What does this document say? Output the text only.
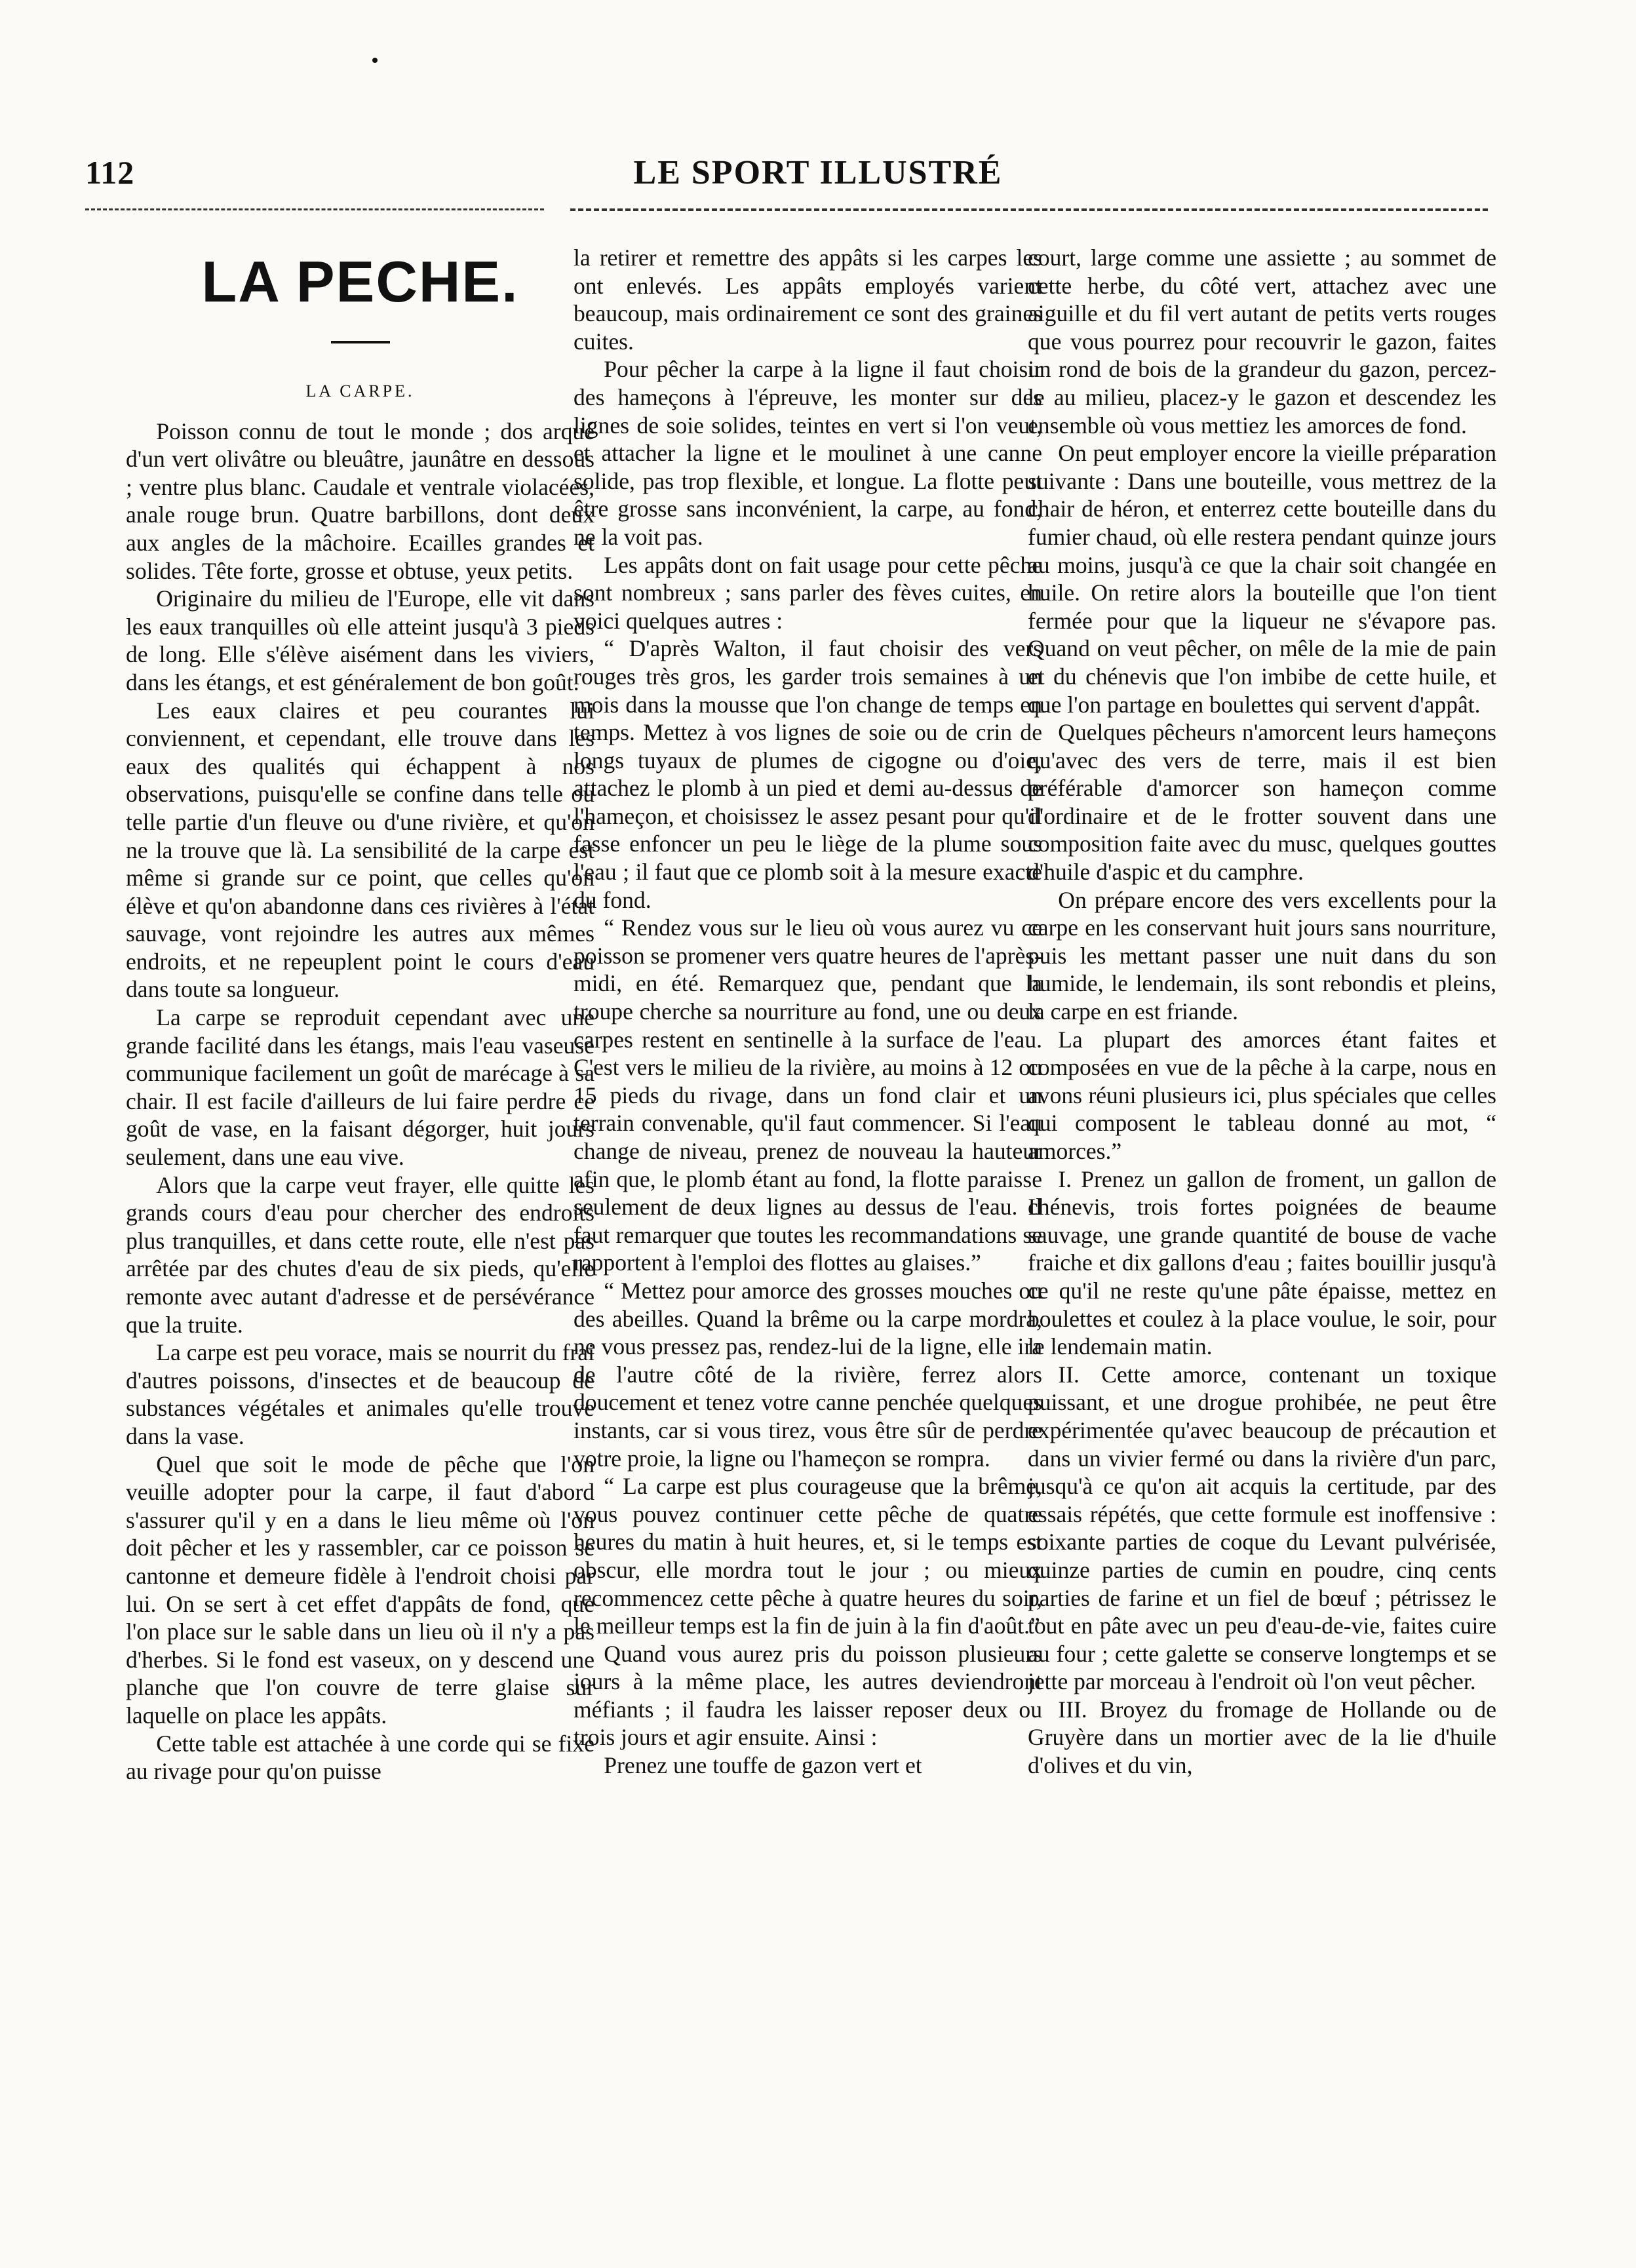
112	LE SPORT ILLUSTRÉ
LA PECHE.

LA CARPE.

Poisson connu de tout le monde ; dos arqué d'un vert olivâtre ou bleuâtre, jaunâtre en dessous ; ventre plus blanc. Caudale et ventrale violacées, anale rouge brun. Quatre barbillons, dont deux aux angles de la mâchoire. Ecailles grandes et solides. Tête forte, grosse et obtuse, yeux petits.

Originaire du milieu de l'Europe, elle vit dans les eaux tranquilles où elle atteint jusqu'à 3 pieds de long. Elle s'élève aisément dans les viviers, dans les étangs, et est généralement de bon goût.

Les eaux claires et peu courantes lui conviennent, et cependant, elle trouve dans les eaux des qualités qui échappent à nos observations, puisqu'elle se confine dans telle ou telle partie d'un fleuve ou d'une rivière, et qu'on ne la trouve que là. La sensibilité de la carpe est même si grande sur ce point, que celles qu'on élève et qu'on abandonne dans ces rivières à l'état sauvage, vont rejoindre les autres aux mêmes endroits, et ne repeuplent point le cours d'eau dans toute sa longueur.

La carpe se reproduit cependant avec une grande facilité dans les étangs, mais l'eau vaseuse communique facilement un goût de marécage à sa chair. Il est facile d'ailleurs de lui faire perdre ce goût de vase, en la faisant dégorger, huit jours seulement, dans une eau vive.

Alors que la carpe veut frayer, elle quitte les grands cours d'eau pour chercher des endroits plus tranquilles, et dans cette route, elle n'est pas arrêtée par des chutes d'eau de six pieds, qu'elle remonte avec autant d'adresse et de persévérance que la truite.

La carpe est peu vorace, mais se nourrit du frai d'autres poissons, d'insectes et de beaucoup de substances végétales et animales qu'elle trouve dans la vase.

Quel que soit le mode de pêche que l'on veuille adopter pour la carpe, il faut d'abord s'assurer qu'il y en a dans le lieu même où l'on doit pêcher et les y rassembler, car ce poisson se cantonne et demeure fidèle à l'endroit choisi par lui. On se sert à cet effet d'appâts de fond, que l'on place sur le sable dans un lieu où il n'y a pas d'herbes. Si le fond est vaseux, on y descend une planche que l'on couvre de terre glaise sur laquelle on place les appâts.

Cette table est attachée à une corde qui se fixe au rivage pour qu'on puisse

la retirer et remettre des appâts si les carpes les ont enlevés. Les appâts employés varient beaucoup, mais ordinairement ce sont des graines cuites.

Pour pêcher la carpe à la ligne il faut choisir des hameçons à l'épreuve, les monter sur des lignes de soie solides, teintes en vert si l'on veut, et attacher la ligne et le moulinet à une canne solide, pas trop flexible, et longue. La flotte peut être grosse sans inconvénient, la carpe, au fond, ne la voit pas.

Les appâts dont on fait usage pour cette pêche sont nombreux ; sans parler des fèves cuites, en voici quelques autres :

“ D'après Walton, il faut choisir des vers rouges très gros, les garder trois semaines à un mois dans la mousse que l'on change de temps en temps. Mettez à vos lignes de soie ou de crin de longs tuyaux de plumes de cigogne ou d'oie, attachez le plomb à un pied et demi au-dessus de l'hameçon, et choisissez le assez pesant pour qu'il fasse enfoncer un peu le liège de la plume sous l'eau ; il faut que ce plomb soit à la mesure exacte du fond.

“ Rendez vous sur le lieu où vous aurez vu ce poisson se promener vers quatre heures de l'après-midi, en été. Remarquez que, pendant que la troupe cherche sa nourriture au fond, une ou deux carpes restent en sentinelle à la surface de l'eau. C'est vers le milieu de la rivière, au moins à 12 ou 15 pieds du rivage, dans un fond clair et un terrain convenable, qu'il faut commencer. Si l'eau change de niveau, prenez de nouveau la hauteur afin que, le plomb étant au fond, la flotte paraisse seulement de deux lignes au dessus de l'eau. Il faut remarquer que toutes les recommandations se rapportent à l'emploi des flottes au glaises.”

“ Mettez pour amorce des grosses mouches ou des abeilles. Quand la brême ou la carpe mordra, ne vous pressez pas, rendez-lui de la ligne, elle ira de l'autre côté de la rivière, ferrez alors doucement et tenez votre canne penchée quelques instants, car si vous tirez, vous être sûr de perdre votre proie, la ligne ou l'hameçon se rompra.

“ La carpe est plus courageuse que la brême, vous pouvez continuer cette pêche de quatre heures du matin à huit heures, et, si le temps est obscur, elle mordra tout le jour ; ou mieux recommencez cette pêche à quatre heures du soir, le meilleur temps est la fin de juin à la fin d'août.”

Quand vous aurez pris du poisson plusieurs jours à la même place, les autres deviendront méfiants ; il faudra les laisser reposer deux ou trois jours et agir ensuite. Ainsi :

Prenez une touffe de gazon vert et

court, large comme une assiette ; au sommet de cette herbe, du côté vert, attachez avec une aiguille et du fil vert autant de petits verts rouges que vous pourrez pour recouvrir le gazon, faites un rond de bois de la grandeur du gazon, percez-le au milieu, placez-y le gazon et descendez les ensemble où vous mettiez les amorces de fond.

On peut employer encore la vieille préparation suivante : Dans une bouteille, vous mettrez de la chair de héron, et enterrez cette bouteille dans du fumier chaud, où elle restera pendant quinze jours au moins, jusqu'à ce que la chair soit changée en huile. On retire alors la bouteille que l'on tient fermée pour que la liqueur ne s'évapore pas. Quand on veut pêcher, on mêle de la mie de pain et du chénevis que l'on imbibe de cette huile, et que l'on partage en boulettes qui servent d'appât.

Quelques pêcheurs n'amorcent leurs hameçons qu'avec des vers de terre, mais il est bien préférable d'amorcer son hameçon comme d'ordinaire et de le frotter souvent dans une composition faite avec du musc, quelques gouttes d'huile d'aspic et du camphre.

On prépare encore des vers excellents pour la carpe en les conservant huit jours sans nourriture, puis les mettant passer une nuit dans du son humide, le lendemain, ils sont rebondis et pleins, la carpe en est friande.

La plupart des amorces étant faites et composées en vue de la pêche à la carpe, nous en avons réuni plusieurs ici, plus spéciales que celles qui composent le tableau donné au mot, “ amorces.”

I. Prenez un gallon de froment, un gallon de chénevis, trois fortes poignées de beaume sauvage, une grande quantité de bouse de vache fraiche et dix gallons d'eau ; faites bouillir jusqu'à ce qu'il ne reste qu'une pâte épaisse, mettez en boulettes et coulez à la place voulue, le soir, pour le lendemain matin.

II. Cette amorce, contenant un toxique puissant, et une drogue prohibée, ne peut être expérimentée qu'avec beaucoup de précaution et dans un vivier fermé ou dans la rivière d'un parc, jusqu'à ce qu'on ait acquis la certitude, par des essais répétés, que cette formule est inoffensive : soixante parties de coque du Levant pulvérisée, quinze parties de cumin en poudre, cinq cents parties de farine et un fiel de bœuf ; pétrissez le tout en pâte avec un peu d'eau-de-vie, faites cuire au four ; cette galette se conserve longtemps et se jette par morceau à l'endroit où l'on veut pêcher.

III. Broyez du fromage de Hollande ou de Gruyère dans un mortier avec de la lie d'huile d'olives et du vin,
